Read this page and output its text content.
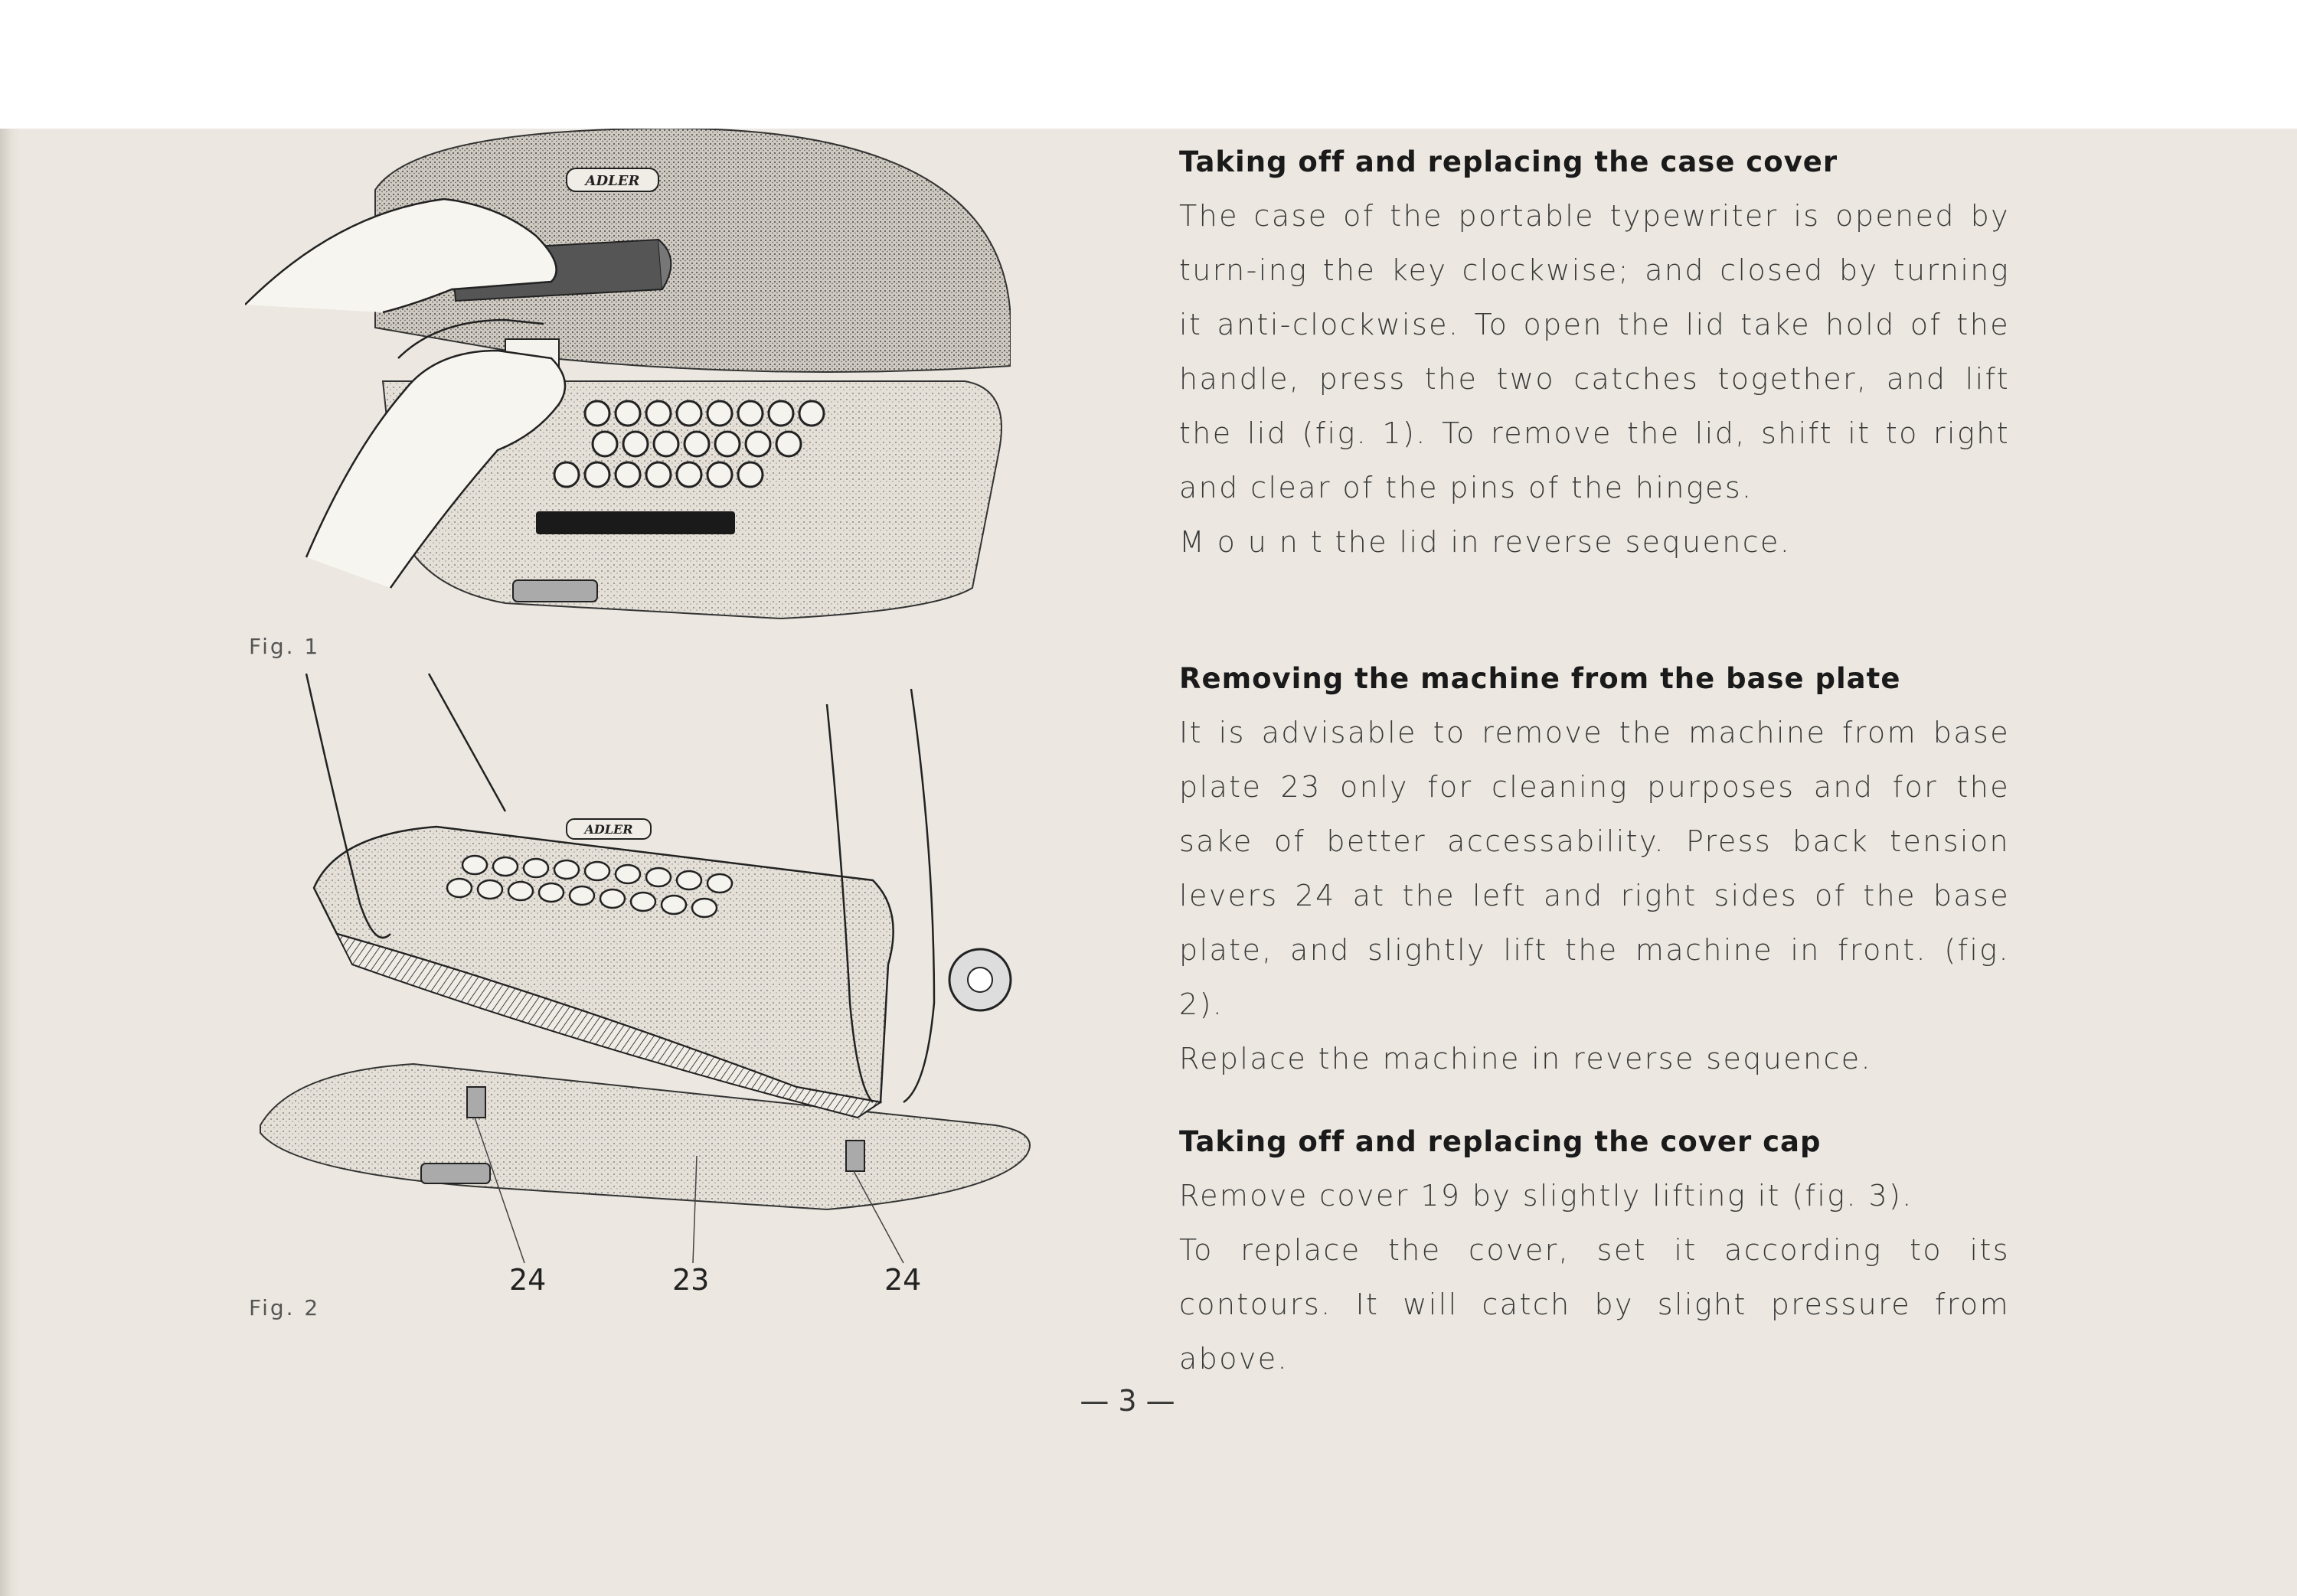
ADLER
Fig. 1
ADLER
24	23	24
Fig. 2
Taking off and replacing the case cover

The case of the portable typewriter is opened by turn-ing the key clockwise; and closed by turning it anti-clockwise. To open the lid take hold of the handle, press the two catches together, and lift the lid (fig. 1). To remove the lid, shift it to right and clear of the pins of the hinges.

M o u n t the lid in reverse sequence.

Removing the machine from the base plate

It is advisable to remove the machine from base plate 23 only for cleaning purposes and for the sake of better accessability. Press back tension levers 24 at the left and right sides of the base plate, and slightly lift the machine in front. (fig. 2).

Replace the machine in reverse sequence.

Taking off and replacing the cover cap

Remove cover 19 by slightly lifting it (fig. 3).

To replace the cover, set it according to its contours. It will catch by slight pressure from above.

— 3 —
